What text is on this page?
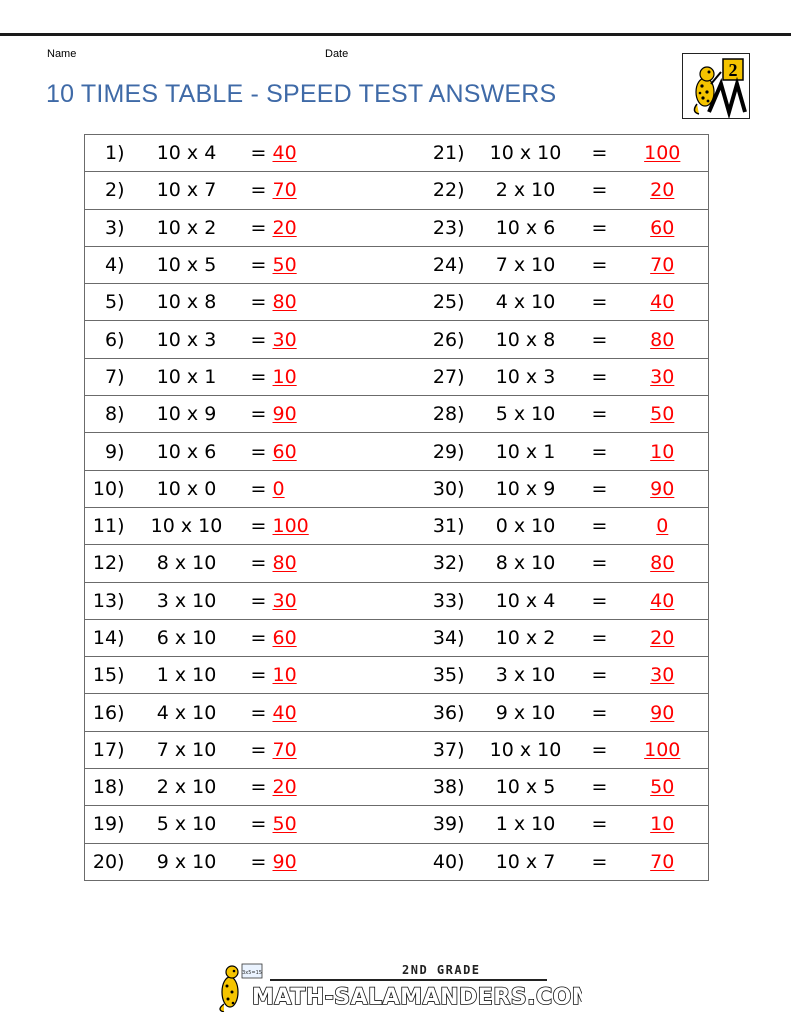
Name	Date
10 TIMES TABLE - SPEED TEST ANSWERS
2
1)	10 x 4	=	40	21)	10 x 10	=	100
2)	10 x 7	=	70	22)	2 x 10	=	20
3)	10 x 2	=	20	23)	10 x 6	=	60
4)	10 x 5	=	50	24)	7 x 10	=	70
5)	10 x 8	=	80	25)	4 x 10	=	40
6)	10 x 3	=	30	26)	10 x 8	=	80
7)	10 x 1	=	10	27)	10 x 3	=	30
8)	10 x 9	=	90	28)	5 x 10	=	50
9)	10 x 6	=	60	29)	10 x 1	=	10
10)	10 x 0	=	0	30)	10 x 9	=	90
11)	10 x 10	=	100	31)	0 x 10	=	0
12)	8 x 10	=	80	32)	8 x 10	=	80
13)	3 x 10	=	30	33)	10 x 4	=	40
14)	6 x 10	=	60	34)	10 x 2	=	20
15)	1 x 10	=	10	35)	3 x 10	=	30
16)	4 x 10	=	40	36)	9 x 10	=	90
17)	7 x 10	=	70	37)	10 x 10	=	100
18)	2 x 10	=	20	38)	10 x 5	=	50
19)	5 x 10	=	50	39)	1 x 10	=	10
20)	9 x 10	=	90	40)	10 x 7	=	70
3x5=15	2ND GRADE
MATH-SALAMANDERS.COM
